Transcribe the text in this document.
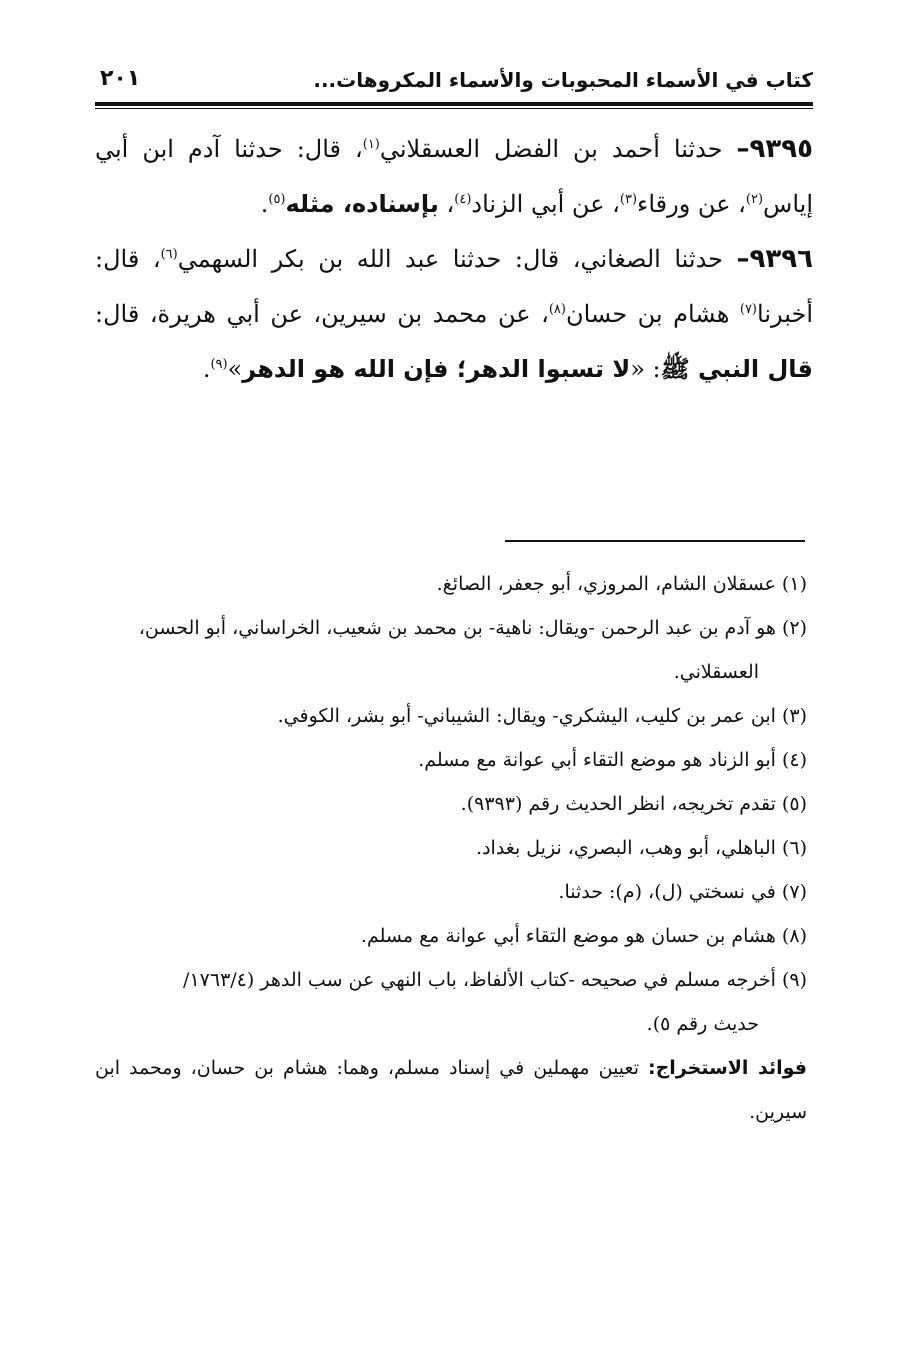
كتاب في الأسماء المحبوبات والأسماء المكروهات...
٢٠١

٩٣٩٥– حدثنا أحمد بن الفضل العسقلاني$^{(١)}$، قال: حدثنا آدم ابن أبي إياس$^{(٢)}$، عن ورقاء$^{(٣)}$، عن أبي الزناد$^{(٤)}$، بإسناده، مثله$^{(٥)}$.

٩٣٩٦– حدثنا الصغاني، قال: حدثنا عبد الله بن بكر السهمي$^{(٦)}$، قال: أخبرنا$^{(٧)}$ هشام بن حسان$^{(٨)}$، عن محمد بن سيرين، عن أبي هريرة، قال: قال النبي ﷺ: «لا تسبوا الدهر؛ فإن الله هو الدهر»$^{(٩)}$.

(١) عسقلان الشام، المروزي، أبو جعفر، الصائغ.

(٢) هو آدم بن عبد الرحمن -ويقال: ناهية- بن محمد بن شعيب، الخراساني، أبو الحسن،

العسقلاني.

(٣) ابن عمر بن كليب، اليشكري- ويقال: الشيباني- أبو بشر، الكوفي.

(٤) أبو الزناد هو موضع التقاء أبي عوانة مع مسلم.

(٥) تقدم تخريجه، انظر الحديث رقم (٩٣٩٣).

(٦) الباهلي، أبو وهب، البصري، نزيل بغداد.

(٧) في نسختي (ل)، (م): حدثنا.

(٨) هشام بن حسان هو موضع التقاء أبي عوانة مع مسلم.

(٩) أخرجه مسلم في صحيحه -كتاب الألفاظ، باب النهي عن سب الدهر (١٧٦٣/٤/

حديث رقم ٥).

فوائد الاستخراج: تعيين مهملين في إسناد مسلم، وهما: هشام بن حسان، ومحمد ابن سيرين.
